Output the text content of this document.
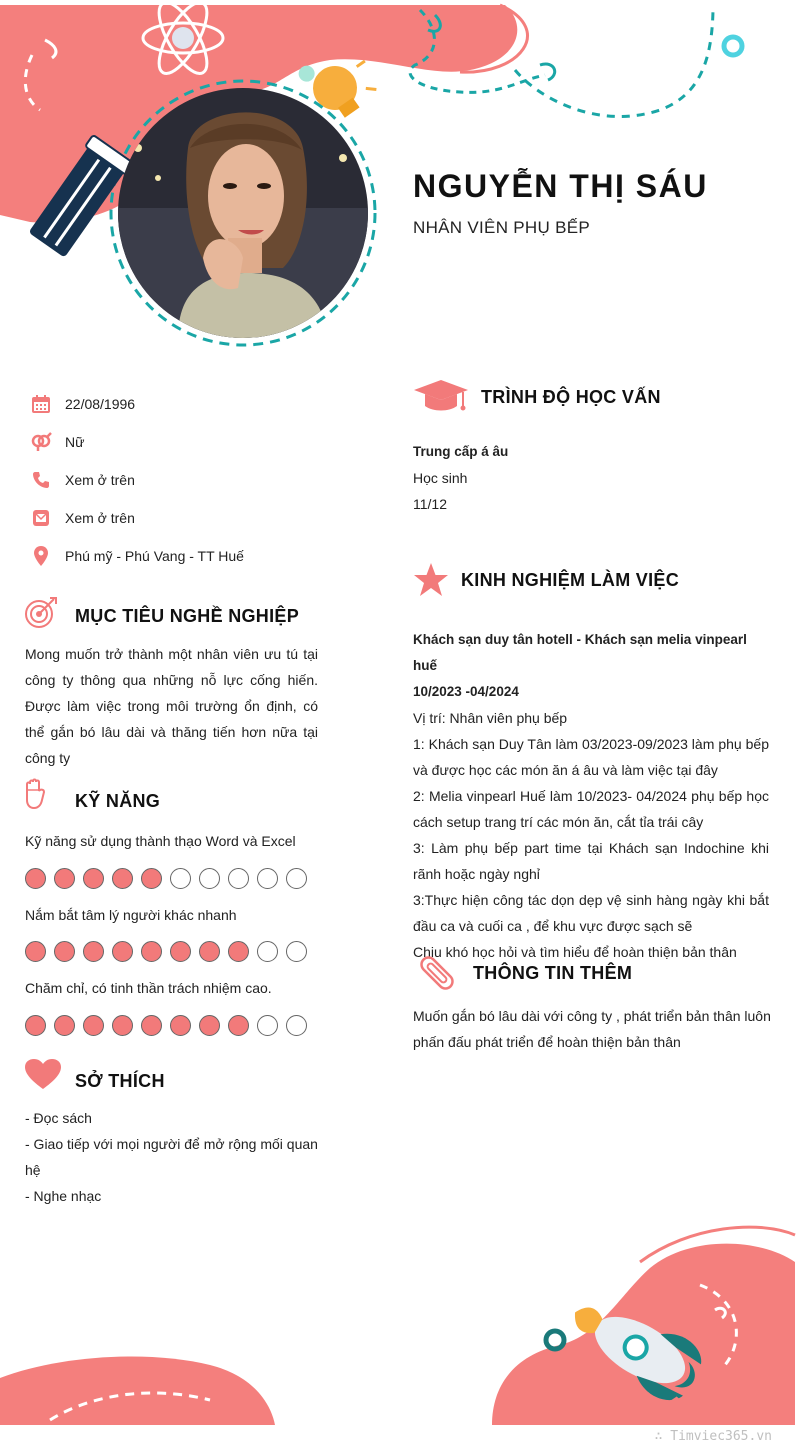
NGUYỄN THỊ SÁU
NHÂN VIÊN PHỤ BẾP
22/08/1996
Nữ
Xem ở trên
Xem ở trên
Phú mỹ - Phú Vang - TT Huế
MỤC TIÊU NGHỀ NGHIỆP
Mong muốn trở thành một nhân viên ưu tú tại công ty thông qua những nỗ lực cống hiến. Được làm việc trong môi trường ổn định, có thể gắn bó lâu dài và thăng tiến hơn nữa tại công ty
KỸ NĂNG
Kỹ năng sử dụng thành thạo Word và Excel
Nắm bắt tâm lý người khác nhanh
Chăm chỉ, có tinh thần trách nhiệm cao.
SỞ THÍCH

- Đọc sách

- Giao tiếp với mọi người để mở rộng mối quan hệ

- Nghe nhạc

TRÌNH ĐỘ HỌC VẤN
Trung cấp á âu
Học sinh
11/12
KINH NGHIỆM LÀM VIỆC

Khách sạn duy tân hotell - Khách sạn melia vinpearl huế

10/2023 -04/2024

Vị trí: Nhân viên phụ bếp

1: Khách sạn Duy Tân làm 03/2023-09/2023 làm phụ bếp và được học các món ăn á âu và làm việc tại đây

2: Melia vinpearl Huế làm 10/2023- 04/2024 phụ bếp học cách setup trang trí các món ăn, cắt tỉa trái cây

3: Làm phụ bếp part time tại Khách sạn Indochine khi rãnh hoặc ngày nghỉ

3:Thực hiện công tác dọn dẹp vệ sinh hàng ngày khi bắt đầu ca và cuối ca , để khu vực được sạch sẽ

Chịu khó học hỏi và tìm hiểu để hoàn thiện bản thân

THÔNG TIN THÊM
Muốn gắn bó lâu dài với công ty , phát triển bản thân luôn phấn đấu phát triển để hoàn thiện bản thân
∴ Timviec365.vn
